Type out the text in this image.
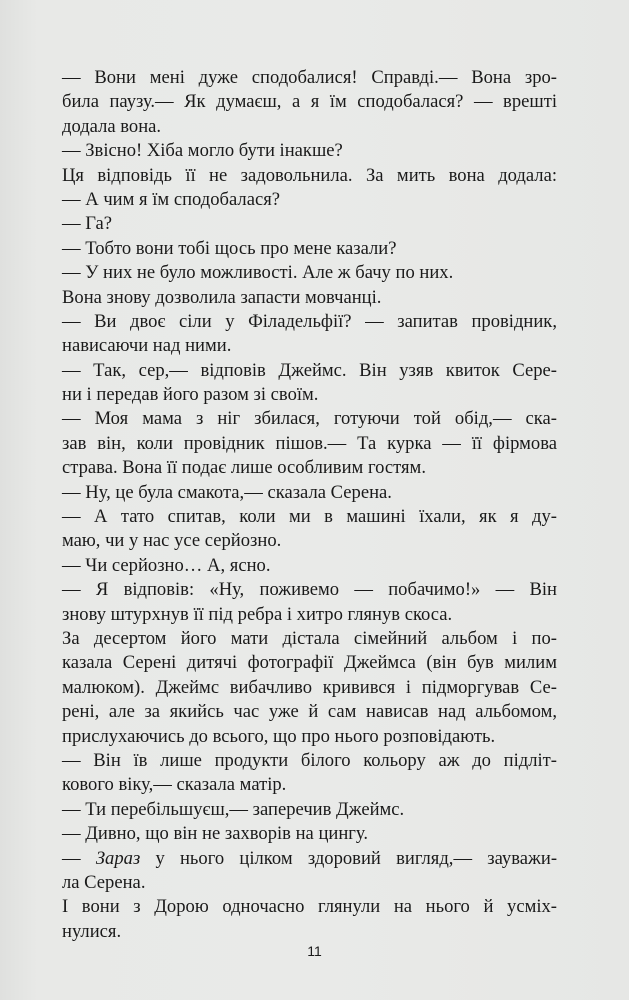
— Вони мені дуже сподобалися! Справді.— Вона зро-
била паузу.— Як думаєш, а я їм сподобалася? — врешті
додала вона.
— Звісно! Хіба могло бути інакше?
Ця відповідь її не задовольнила. За мить вона додала:
— А чим я їм сподобалася?
— Га?
— Тобто вони тобі щось про мене казали?
— У них не було можливості. Але ж бачу по них.
Вона знову дозволила запасти мовчанці.
— Ви двоє сіли у Філадельфії? — запитав провідник,
нависаючи над ними.
— Так, сер,— відповів Джеймс. Він узяв квиток Сере-
ни і передав його разом зі своїм.
— Моя мама з ніг збилася, готуючи той обід,— ска-
зав він, коли провідник пішов.— Та курка — її фірмова
страва. Вона її подає лише особливим гостям.
— Ну, це була смакота,— сказала Серена.
— А тато спитав, коли ми в машині їхали, як я ду-
маю, чи у нас усе серйозно.
— Чи серйозно… А, ясно.
— Я відповів: «Ну, поживемо — побачимо!» — Він
знову штурхнув її під ребра і хитро глянув скоса.
За десертом його мати дістала сімейний альбом і по-
казала Серені дитячі фотографії Джеймса (він був милим
малюком). Джеймс вибачливо кривився і підморгував Се-
рені, але за якийсь час уже й сам нависав над альбомом,
прислухаючись до всього, що про нього розповідають.
— Він їв лише продукти білого кольору аж до підліт-
кового віку,— сказала матір.
— Ти перебільшуєш,— заперечив Джеймс.
— Дивно, що він не захворів на цингу.
— Зараз у нього цілком здоровий вигляд,— зауважи-
ла Серена.
І вони з Дорою одночасно глянули на нього й усміх-
нулися.
11
